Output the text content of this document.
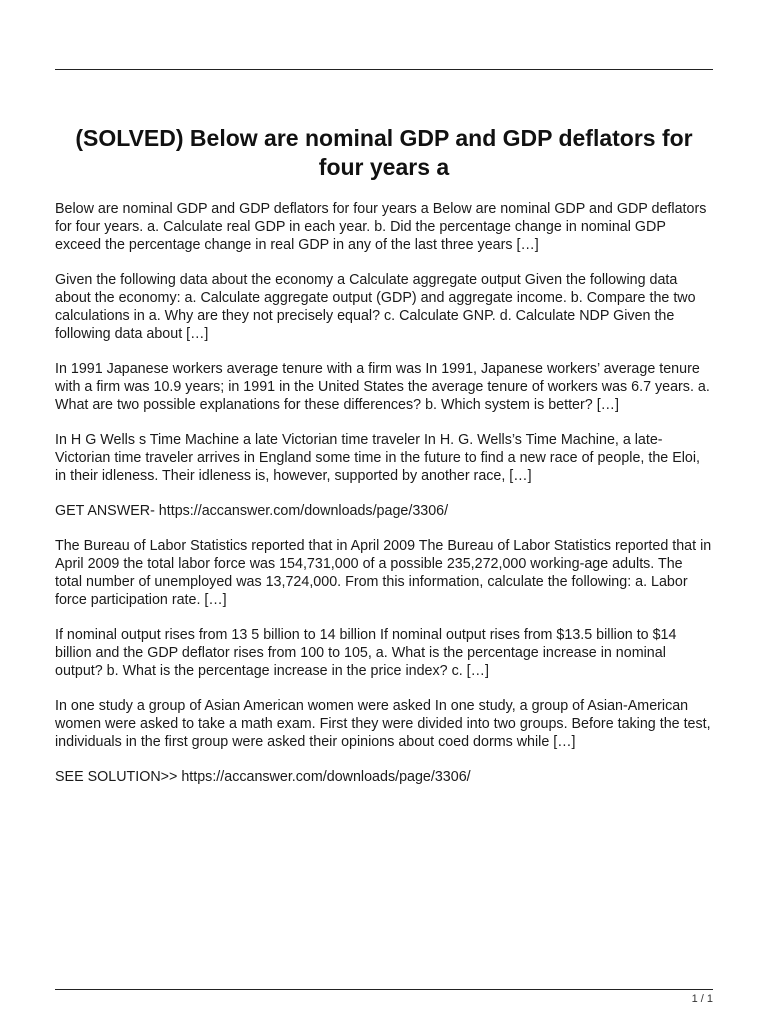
(SOLVED) Below are nominal GDP and GDP deflators for four years a

Below are nominal GDP and GDP deflators for four years a Below are nominal GDP and GDP deflators for four years. a. Calculate real GDP in each year. b. Did the percentage change in nominal GDP exceed the percentage change in real GDP in any of the last three years […]

Given the following data about the economy a Calculate aggregate output Given the following data about the economy: a. Calculate aggregate output (GDP) and aggregate income. b. Compare the two calculations in a. Why are they not precisely equal? c. Calculate GNP. d. Calculate NDP Given the following data about […]

In 1991 Japanese workers average tenure with a firm was In 1991, Japanese workers’ average tenure with a firm was 10.9 years; in 1991 in the United States the average tenure of workers was 6.7 years. a. What are two possible explanations for these differences? b. Which system is better? […]

In H G Wells s Time Machine a late Victorian time traveler In H. G. Wells’s Time Machine, a late-Victorian time traveler arrives in England some time in the future to find a new race of people, the Eloi, in their idleness. Their idleness is, however, supported by another race, […]

GET ANSWER- https://accanswer.com/downloads/page/3306/

The Bureau of Labor Statistics reported that in April 2009 The Bureau of Labor Statistics reported that in April 2009 the total labor force was 154,731,000 of a possible 235,272,000 working-age adults. The total number of unemployed was 13,724,000. From this information, calculate the following: a. Labor force participation rate. […]

If nominal output rises from 13 5 billion to 14 billion If nominal output rises from $13.5 billion to $14 billion and the GDP deflator rises from 100 to 105, a. What is the percentage increase in nominal output? b. What is the percentage increase in the price index? c. […]

In one study a group of Asian American women were asked In one study, a group of Asian-American women were asked to take a math exam. First they were divided into two groups. Before taking the test, individuals in the first group were asked their opinions about coed dorms while […]

SEE SOLUTION>> https://accanswer.com/downloads/page/3306/

1 / 1
